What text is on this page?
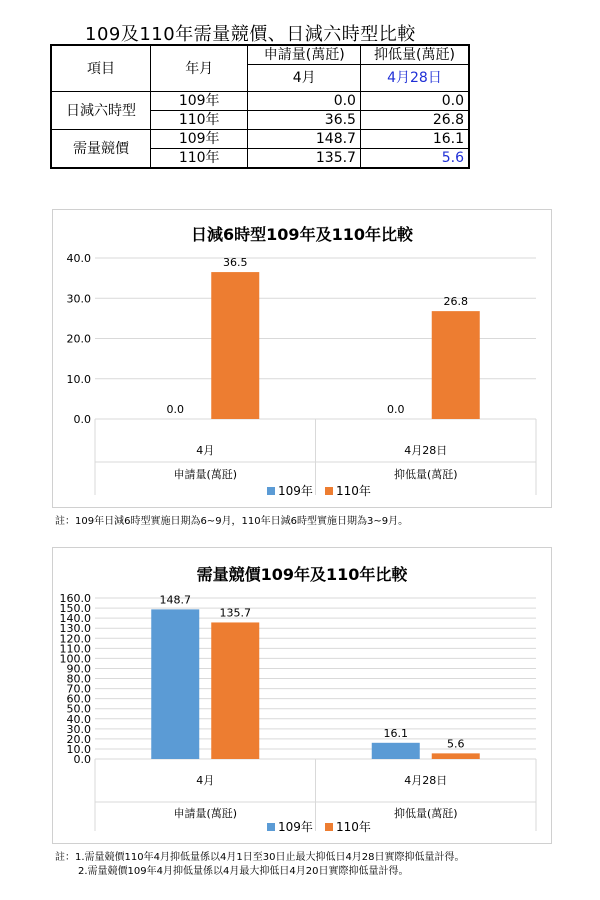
109及110年需量競價、日減六時型比較
項目	年月	申請量(萬瓩)	抑低量(萬瓩)
		4月	4月28日
日減六時型	109年	0.0	0.0
	110年	36.5	26.8
需量競價	109年	148.7	16.1
	110年	135.7	5.6
日減6時型109年及110年比較
0.0
10.0
20.0
30.0
40.0
0.0	0.0
36.5
26.8
4月
申請量(萬瓩)
4月28日
抑低量(萬瓩)
109年 110年
註：109年日減6時型實施日期為6~9月，110年日減6時型實施日期為3~9月。
需量競價109年及110年比較
0.0
10.0
20.0
30.0
40.0
50.0
60.0
70.0
80.0
90.0
100.0
110.0
120.0
130.0
140.0
150.0
160.0	148.7
16.1
135.7
5.6
4月
申請量(萬瓩)
4月28日
抑低量(萬瓩)
109年 110年
註：1.需量競價110年4月抑低量係以4月1日至30日止最大抑低日4月28日實際抑低量計得。
2.需量競價109年4月抑低量係以4月最大抑低日4月20日實際抑低量計得。
